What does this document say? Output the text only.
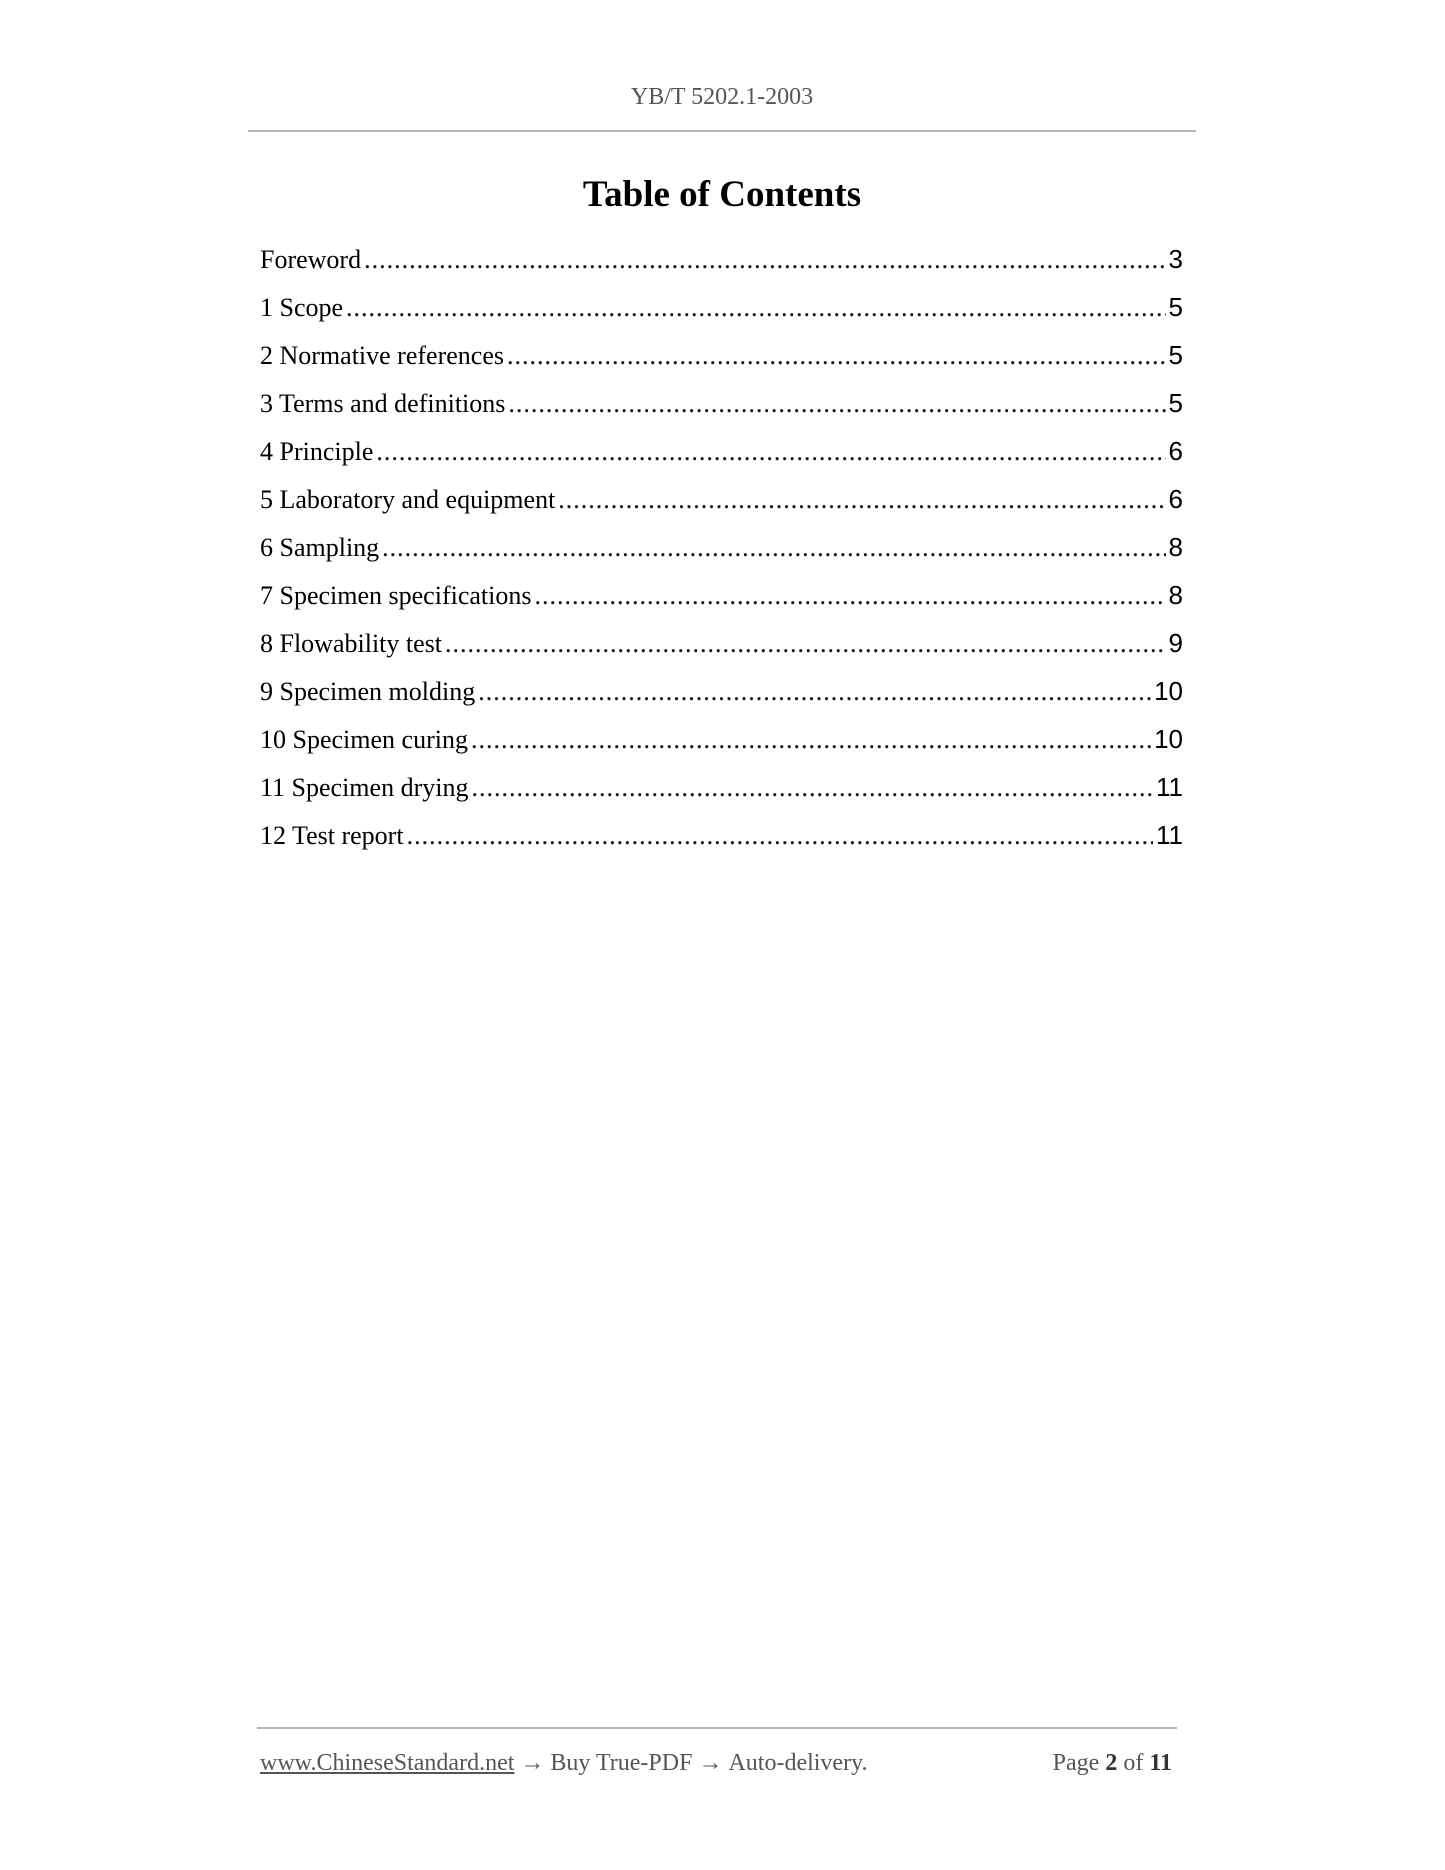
YB/T 5202.1-2003
Table of Contents
Foreword .....	3
1 Scope .....	5
2 Normative references .....	5
3 Terms and definitions .....	5
4 Principle .....	6
5 Laboratory and equipment .....	6
6 Sampling .....	8
7 Specimen specifications .....	8
8 Flowability test .....	9
9 Specimen molding .....	10
10 Specimen curing .....	10
11 Specimen drying .....	11
12 Test report .....	11
www.ChineseStandard.net → Buy True-PDF → Auto-delivery.	Page 2 of 11
